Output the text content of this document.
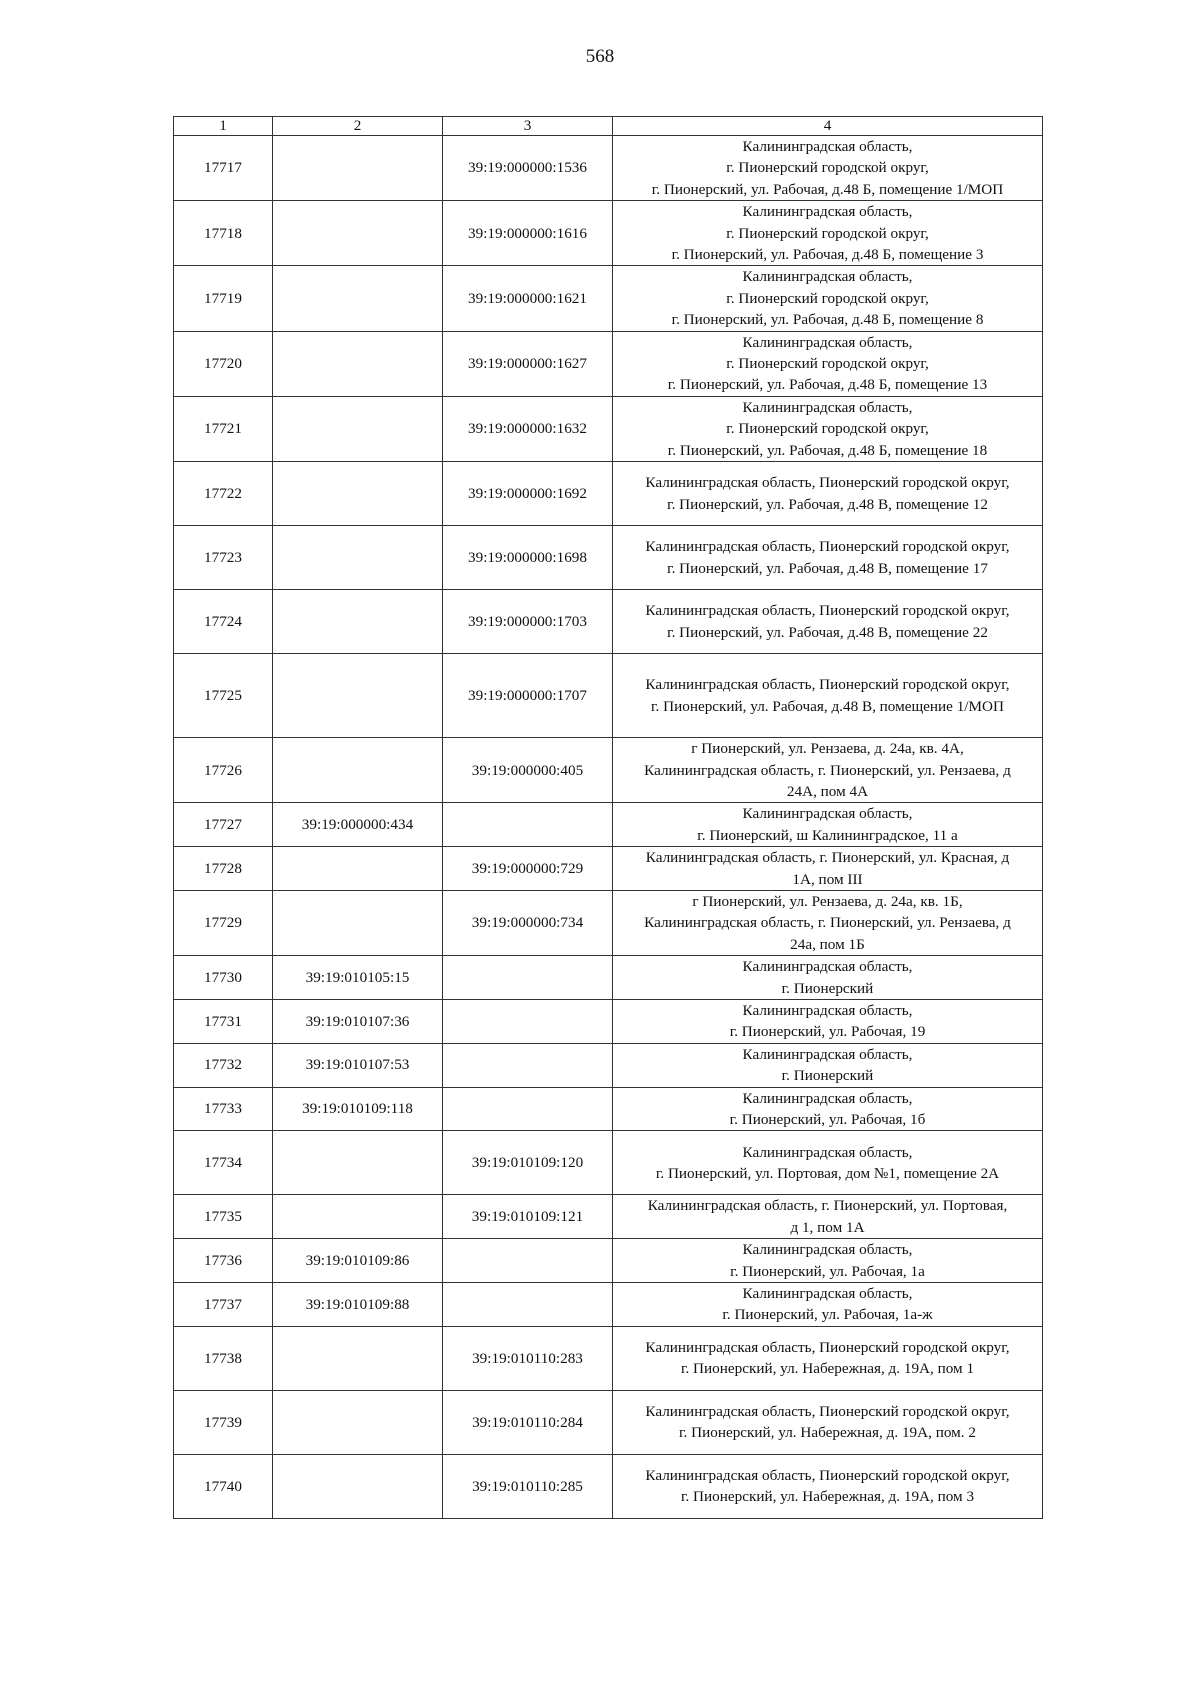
568
1	2	3	4
17717		39:19:000000:1536	Калининградская область,
г. Пионерский городской округ,
г. Пионерский, ул. Рабочая, д.48 Б, помещение 1/МОП

17718		39:19:000000:1616	Калининградская область,
г. Пионерский городской округ,
г. Пионерский, ул. Рабочая, д.48 Б, помещение 3

17719		39:19:000000:1621	Калининградская область,
г. Пионерский городской округ,
г. Пионерский, ул. Рабочая, д.48 Б, помещение 8

17720		39:19:000000:1627	Калининградская область,
г. Пионерский городской округ,
г. Пионерский, ул. Рабочая, д.48 Б, помещение 13

17721		39:19:000000:1632	Калининградская область,
г. Пионерский городской округ,
г. Пионерский, ул. Рабочая, д.48 Б, помещение 18

17722		39:19:000000:1692	Калининградская область, Пионерский городской округ,
г. Пионерский, ул. Рабочая, д.48 В, помещение 12

17723		39:19:000000:1698	Калининградская область, Пионерский городской округ,
г. Пионерский, ул. Рабочая, д.48 В, помещение 17

17724		39:19:000000:1703	Калининградская область, Пионерский городской округ,
г. Пионерский, ул. Рабочая, д.48 В, помещение 22

17725		39:19:000000:1707	Калининградская область, Пионерский городской округ,
г. Пионерский, ул. Рабочая, д.48 В, помещение 1/МОП

17726		39:19:000000:405	г Пионерский, ул. Рензаева, д. 24а, кв. 4А,
Калининградская область, г. Пионерский, ул. Рензаева, д
24А, пом 4А

17727	39:19:000000:434		Калининградская область,
г. Пионерский, ш Калининградское, 11 а

17728		39:19:000000:729	Калининградская область, г. Пионерский, ул. Красная, д
1А, пом III

17729		39:19:000000:734	г Пионерский, ул. Рензаева, д. 24а, кв. 1Б,
Калининградская область, г. Пионерский, ул. Рензаева, д
24а, пом 1Б

17730	39:19:010105:15		Калининградская область,
г. Пионерский

17731	39:19:010107:36		Калининградская область,
г. Пионерский, ул. Рабочая, 19

17732	39:19:010107:53		Калининградская область,
г. Пионерский

17733	39:19:010109:118		Калининградская область,
г. Пионерский, ул. Рабочая, 1б

17734		39:19:010109:120	Калининградская область,
г. Пионерский, ул. Портовая, дом №1, помещение 2А

17735		39:19:010109:121	Калининградская область, г. Пионерский, ул. Портовая,
д 1, пом 1А

17736	39:19:010109:86		Калининградская область,
г. Пионерский, ул. Рабочая, 1а

17737	39:19:010109:88		Калининградская область,
г. Пионерский, ул. Рабочая, 1а-ж

17738		39:19:010110:283	Калининградская область, Пионерский городской округ,
г. Пионерский, ул. Набережная, д. 19А, пом 1

17739		39:19:010110:284	Калининградская область, Пионерский городской округ,
г. Пионерский, ул. Набережная, д. 19А, пом. 2

17740		39:19:010110:285	Калининградская область, Пионерский городской округ,
г. Пионерский, ул. Набережная, д. 19А, пом 3
